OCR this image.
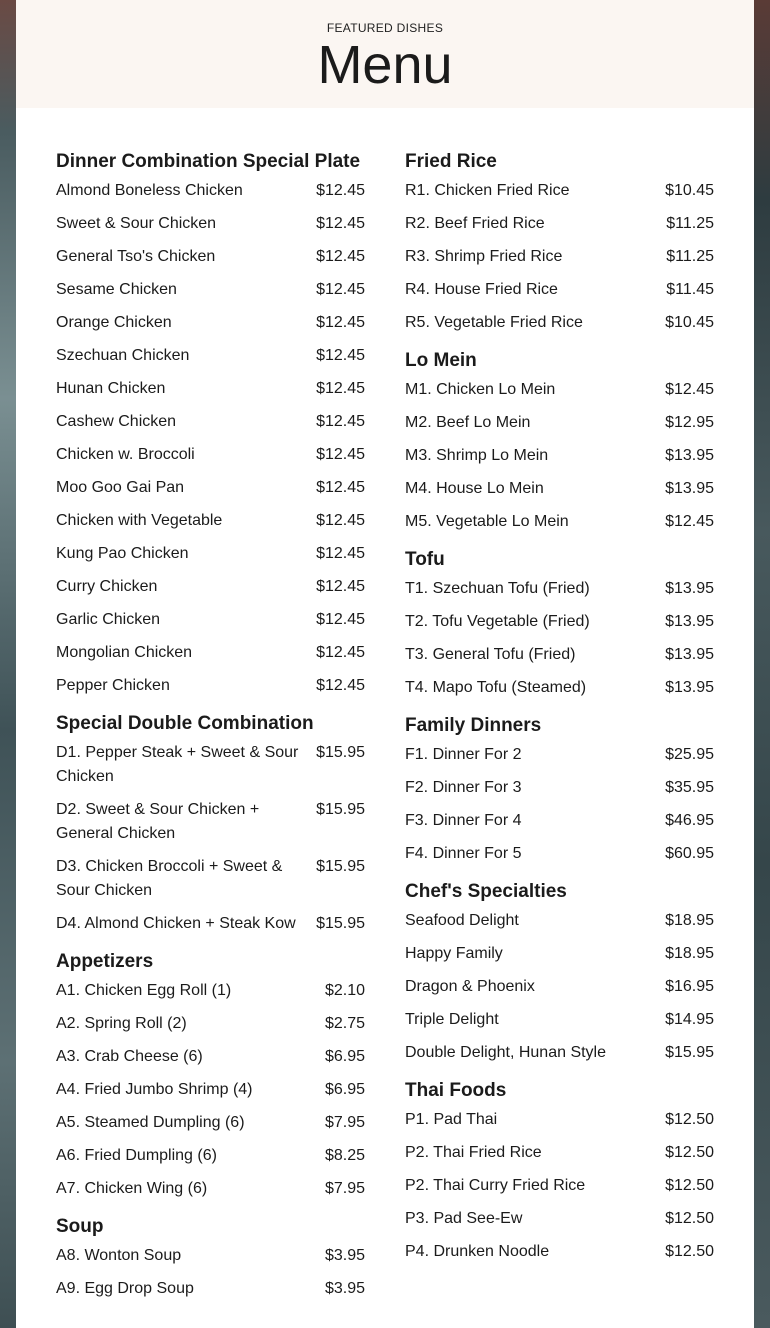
FEATURED DISHES
Menu
Dinner Combination Special Plate
Almond Boneless Chicken	$12.45
Sweet & Sour Chicken	$12.45
General Tso's Chicken	$12.45
Sesame Chicken	$12.45
Orange Chicken	$12.45
Szechuan Chicken	$12.45
Hunan Chicken	$12.45
Cashew Chicken	$12.45
Chicken w. Broccoli	$12.45
Moo Goo Gai Pan	$12.45
Chicken with Vegetable	$12.45
Kung Pao Chicken	$12.45
Curry Chicken	$12.45
Garlic Chicken	$12.45
Mongolian Chicken	$12.45
Pepper Chicken	$12.45
Special Double Combination
D1. Pepper Steak + Sweet & Sour Chicken
$15.95
D2. Sweet & Sour Chicken + General Chicken
$15.95
D3. Chicken Broccoli + Sweet & Sour Chicken
$15.95
D4. Almond Chicken + Steak Kow	$15.95
Appetizers
A1. Chicken Egg Roll (1)	$2.10
A2. Spring Roll (2)	$2.75
A3. Crab Cheese (6)	$6.95
A4. Fried Jumbo Shrimp (4)	$6.95
A5. Steamed Dumpling (6)	$7.95
A6. Fried Dumpling (6)	$8.25
A7. Chicken Wing (6)	$7.95
Soup
A8. Wonton Soup	$3.95
A9. Egg Drop Soup	$3.95
Fried Rice
R1. Chicken Fried Rice	$10.45
R2. Beef Fried Rice	$11.25
R3. Shrimp Fried Rice	$11.25
R4. House Fried Rice	$11.45
R5. Vegetable Fried Rice	$10.45
Lo Mein
M1. Chicken Lo Mein	$12.45
M2. Beef Lo Mein	$12.95
M3. Shrimp Lo Mein	$13.95
M4. House Lo Mein	$13.95
M5. Vegetable Lo Mein	$12.45
Tofu
T1. Szechuan Tofu (Fried)	$13.95
T2. Tofu Vegetable (Fried)	$13.95
T3. General Tofu (Fried)	$13.95
T4. Mapo Tofu (Steamed)	$13.95
Family Dinners
F1. Dinner For 2	$25.95
F2. Dinner For 3	$35.95
F3. Dinner For 4	$46.95
F4. Dinner For 5	$60.95
Chef's Specialties
Seafood Delight	$18.95
Happy Family	$18.95
Dragon & Phoenix	$16.95
Triple Delight	$14.95
Double Delight, Hunan Style	$15.95
Thai Foods
P1. Pad Thai	$12.50
P2. Thai Fried Rice	$12.50
P2. Thai Curry Fried Rice	$12.50
P3. Pad See-Ew	$12.50
P4. Drunken Noodle	$12.50
